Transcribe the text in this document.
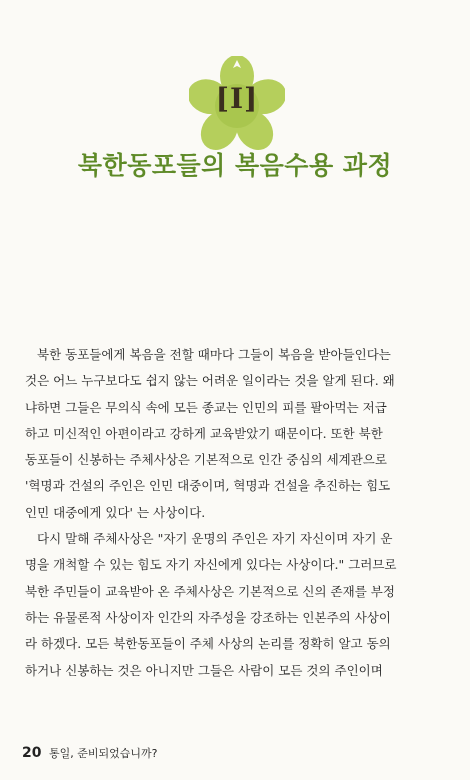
[I]
북한동포들의 복음수용 과정
북한 동포들에게 복음을 전할 때마다 그들이 복음을 받아들인다는
것은 어느 누구보다도 쉽지 않는 어려운 일이라는 것을 알게 된다. 왜
냐하면 그들은 무의식 속에 모든 종교는 인민의 피를 팔아먹는 저급
하고 미신적인 아편이라고 강하게 교육받았기 때문이다. 또한 북한
동포들이 신봉하는 주체사상은 기본적으로 인간 중심의 세계관으로
'혁명과 건설의 주인은 인민 대중이며, 혁명과 건설을 추진하는 힘도
인민 대중에게 있다' 는 사상이다.
다시 말해 주체사상은 "자기 운명의 주인은 자기 자신이며 자기 운
명을 개척할 수 있는 힘도 자기 자신에게 있다는 사상이다." 그러므로
북한 주민들이 교육받아 온 주체사상은 기본적으로 신의 존재를 부정
하는 유물론적 사상이자 인간의 자주성을 강조하는 인본주의 사상이
라 하겠다. 모든 북한동포들이 주체 사상의 논리를 정확히 알고 동의
하거나 신봉하는 것은 아니지만 그들은 사람이 모든 것의 주인이며
20 통일, 준비되었습니까?
